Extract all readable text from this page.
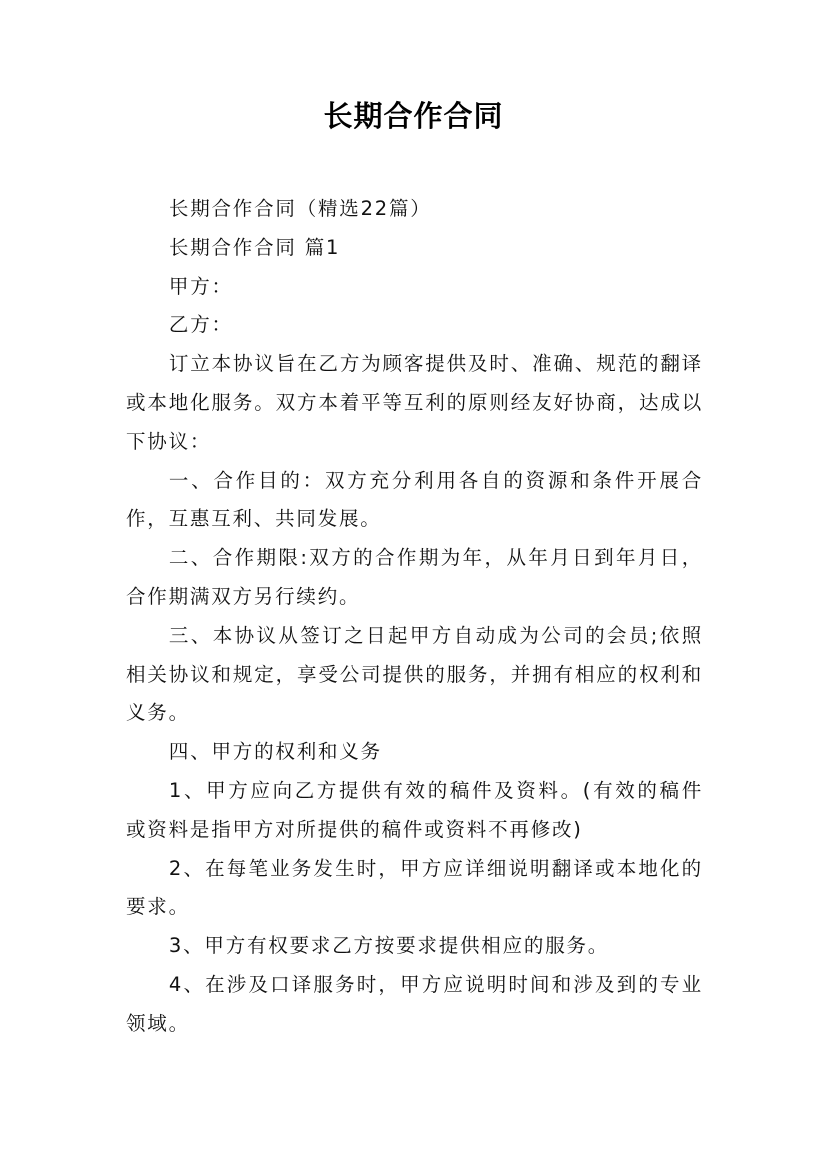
长期合作合同

长期合作合同（精选22篇）

长期合作合同 篇1

甲方：

乙方：

订立本协议旨在乙方为顾客提供及时、准确、规范的翻译或本地化服务。双方本着平等互利的原则经友好协商，达成以下协议：

一、合作目的：双方充分利用各自的资源和条件开展合作，互惠互利、共同发展。

二、合作期限:双方的合作期为年，从年月日到年月日，合作期满双方另行续约。

三、本协议从签订之日起甲方自动成为公司的会员;依照相关协议和规定，享受公司提供的服务，并拥有相应的权利和义务。

四、甲方的权利和义务

1、甲方应向乙方提供有效的稿件及资料。(有效的稿件或资料是指甲方对所提供的稿件或资料不再修改)

2、在每笔业务发生时，甲方应详细说明翻译或本地化的要求。

3、甲方有权要求乙方按要求提供相应的服务。

4、在涉及口译服务时，甲方应说明时间和涉及到的专业领域。
